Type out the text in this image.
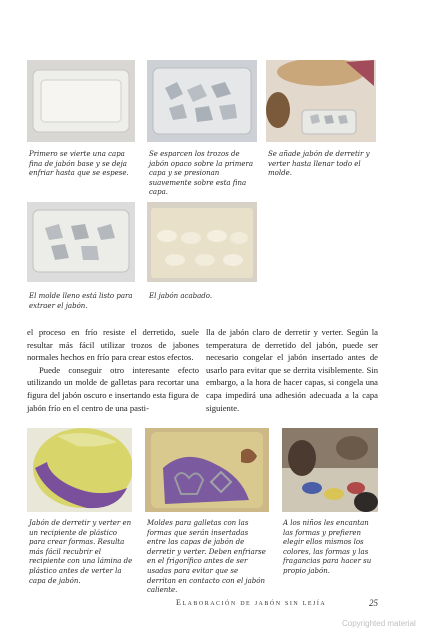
Primero se vierte una capa fina de jabón base y se deja enfriar hasta que se espese.
Se esparcen los trozos de jabón opaco sobre la primera capa y se presionan suavemente sobre esta fina capa.
Se añade jabón de derretir y verter hasta llenar todo el molde.
El molde lleno está listo para extraer el jabón.
El jabón acabado.

el proceso en frío resiste el derretido, suele resultar más fácil utilizar trozos de jabones normales hechos en frío para crear estos efectos.

Puede conseguir otro interesante efecto utilizando un molde de galletas para recortar una figura del jabón oscuro e insertando esta figura de jabón frío en el centro de una pasti-

lla de jabón claro de derretir y verter. Según la temperatura de derretido del jabón, puede ser necesario congelar el jabón insertado antes de usarlo para evitar que se derrita visiblemente. Sin embargo, a la hora de hacer capas, si congela una capa impedirá una adhesión adecuada a la capa siguiente.

Jabón de derretir y verter en un recipiente de plástico para crear formas. Resulta más fácil recubrir el recipiente con una lámina de plástico antes de verter la capa de jabón.
Moldes para galletas con las formas que serán insertadas entre las capas de jabón de derretir y verter. Deben enfriarse en el frigorífico antes de ser usadas para evitar que se derritan en contacto con el jabón caliente.
A los niños les encantan las formas y prefieren elegir ellos mismos los colores, las formas y las fragancias para hacer su propio jabón.
Elaboración de jabón sin lejía	25
Copyrighted material
